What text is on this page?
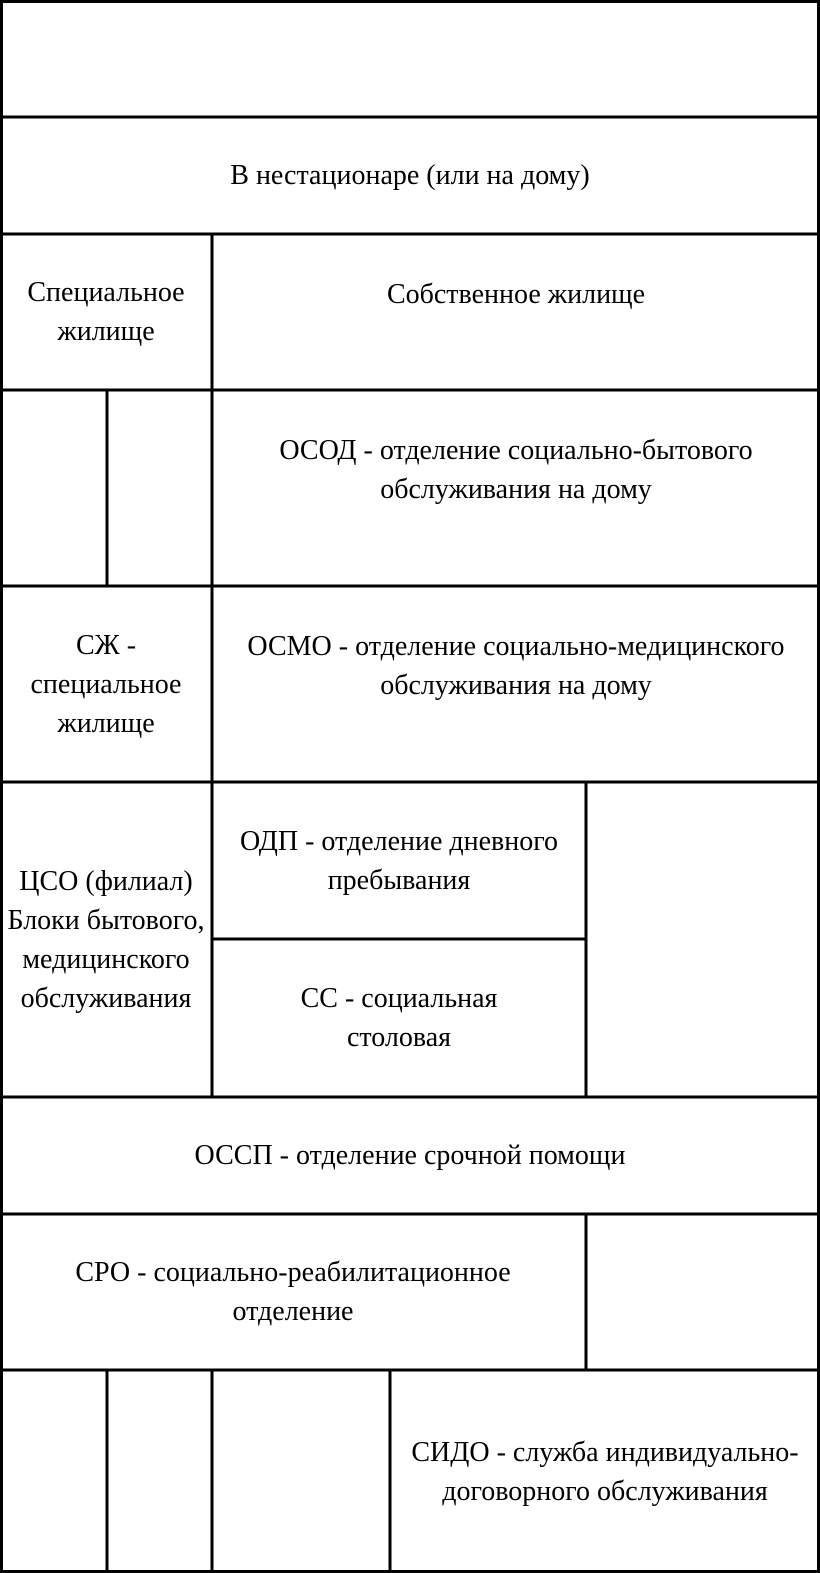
В нестационаре (или на дому)
Специальное жилище
Собственное жилище
ОСОД - отделение социально-бытового обслуживания на дому
СЖ - специальное жилище
ОСМО - отделение социально-медицинского обслуживания на дому
ЦСО (филиал) Блоки бытового, медицинского обслуживания
ОДП - отделение дневного пребывания
СС - социальная столовая
ОССП - отделение срочной помощи
СРО - социально-реабилитационное отделение
СИДО - служба индивидуально-договорного обслуживания
